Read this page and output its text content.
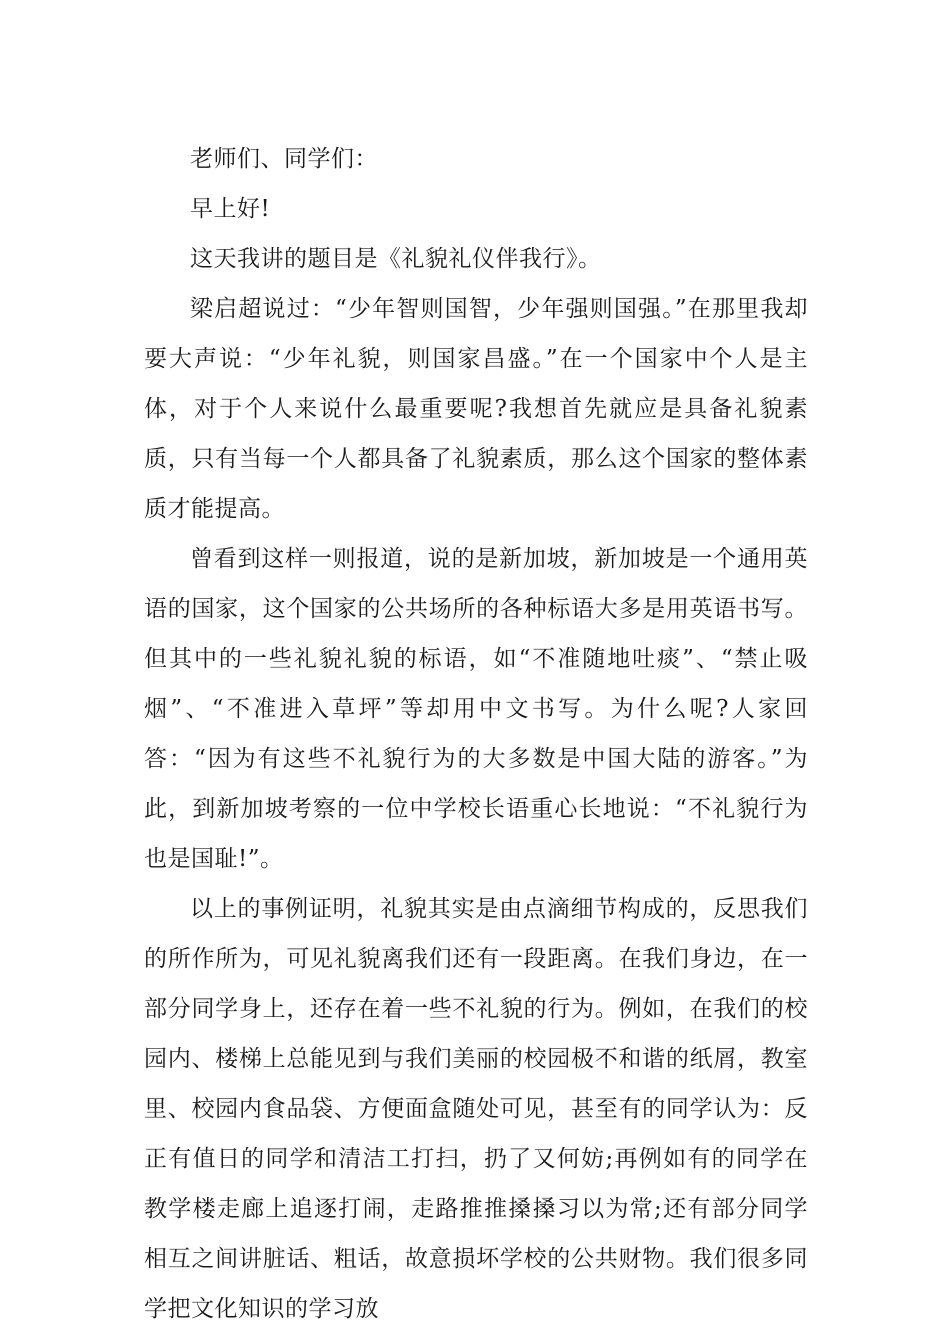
老师们、同学们：

早上好!

这天我讲的题目是《礼貌礼仪伴我行》。

梁启超说过：“少年智则国智，少年强则国强。”在那里我却要大声说：“少年礼貌，则国家昌盛。”在一个国家中个人是主体，对于个人来说什么最重要呢?我想首先就应是具备礼貌素质，只有当每一个人都具备了礼貌素质，那么这个国家的整体素质才能提高。

曾看到这样一则报道，说的是新加坡，新加坡是一个通用英语的国家，这个国家的公共场所的各种标语大多是用英语书写。但其中的一些礼貌礼貌的标语，如“不准随地吐痰”、“禁止吸烟”、“不准进入草坪”等却用中文书写。为什么呢?人家回答：“因为有这些不礼貌行为的大多数是中国大陆的游客。”为此，到新加坡考察的一位中学校长语重心长地说：“不礼貌行为也是国耻!”。

以上的事例证明，礼貌其实是由点滴细节构成的，反思我们的所作所为，可见礼貌离我们还有一段距离。在我们身边，在一部分同学身上，还存在着一些不礼貌的行为。例如，在我们的校园内、楼梯上总能见到与我们美丽的校园极不和谐的纸屑，教室里、校园内食品袋、方便面盒随处可见，甚至有的同学认为：反正有值日的同学和清洁工打扫，扔了又何妨;再例如有的同学在教学楼走廊上追逐打闹，走路推推搡搡习以为常;还有部分同学相互之间讲脏话、粗话，故意损坏学校的公共财物。我们很多同学把文化知识的学习放
